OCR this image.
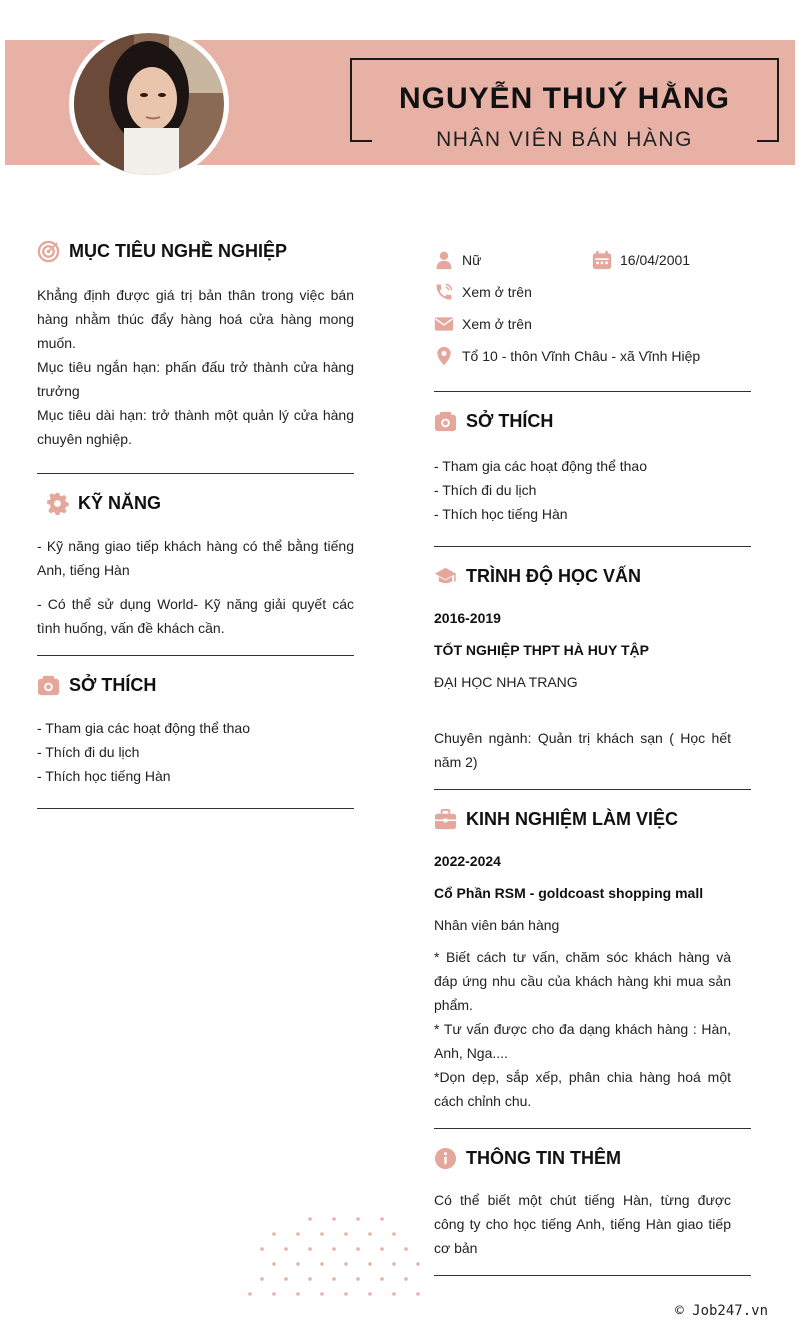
NGUYỄN THUÝ HẰNG
NHÂN VIÊN BÁN HÀNG
MỤC TIÊU NGHỀ NGHIỆP
Khẳng định được giá trị bản thân trong việc bán hàng nhằm thúc đẩy hàng hoá cửa hàng mong muốn.
Mục tiêu ngắn hạn: phấn đấu trở thành cửa hàng trưởng
Mục tiêu dài hạn: trở thành một quản lý cửa hàng chuyên nghiệp.
KỸ NĂNG
- Kỹ năng giao tiếp khách hàng có thể bằng tiếng Anh, tiếng Hàn
- Có thể sử dụng World- Kỹ năng giải quyết các tình huống, vấn đề khách cần.
SỞ THÍCH
- Tham gia các hoạt động thể thao
- Thích đi du lịch
- Thích học tiếng Hàn
Nữ	16/04/2001
Xem ở trên
Xem ở trên
Tổ 10 - thôn Vĩnh Châu - xã Vĩnh Hiệp
SỞ THÍCH
- Tham gia các hoạt động thể thao
- Thích đi du lịch
- Thích học tiếng Hàn
TRÌNH ĐỘ HỌC VẤN
2016-2019
TỐT NGHIỆP THPT HÀ HUY TẬP
ĐẠI HỌC NHA TRANG
Chuyên ngành: Quản trị khách sạn ( Học hết năm 2)
KINH NGHIỆM LÀM VIỆC
2022-2024
Cổ Phần RSM - goldcoast shopping mall
Nhân viên bán hàng
* Biết cách tư vấn, chăm sóc khách hàng và đáp ứng nhu cầu của khách hàng khi mua sản phẩm.
* Tư vấn được cho đa dạng khách hàng : Hàn, Anh, Nga....
*Dọn dẹp, sắp xếp, phân chia hàng hoá một cách chỉnh chu.
THÔNG TIN THÊM
Có thể biết một chút tiếng Hàn, từng được công ty cho học tiếng Anh, tiếng Hàn giao tiếp cơ bản
© Job247.vn
